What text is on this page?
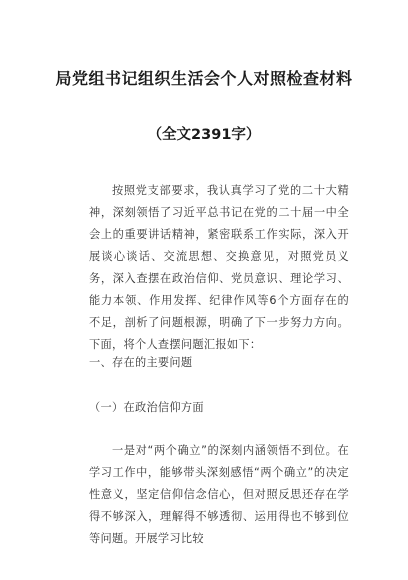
局党组书记组织生活会个人对照检查材料
（全文2391字）

按照党支部要求，我认真学习了党的二十大精神，深刻领悟了习近平总书记在党的二十届一中全会上的重要讲话精神，紧密联系工作实际，深入开展谈心谈话、交流思想、交换意见，对照党员义务，深入查摆在政治信仰、党员意识、理论学习、能力本领、作用发挥、纪律作风等6个方面存在的不足，剖析了问题根源，明确了下一步努力方向。下面，将个人查摆问题汇报如下：

一、存在的主要问题

（一）在政治信仰方面

一是对“两个确立”的深刻内涵领悟不到位。在学习工作中，能够带头深刻感悟“两个确立”的决定性意义，坚定信仰信念信心，但对照反思还存在学得不够深入，理解得不够透彻、运用得也不够到位等问题。开展学习比较
